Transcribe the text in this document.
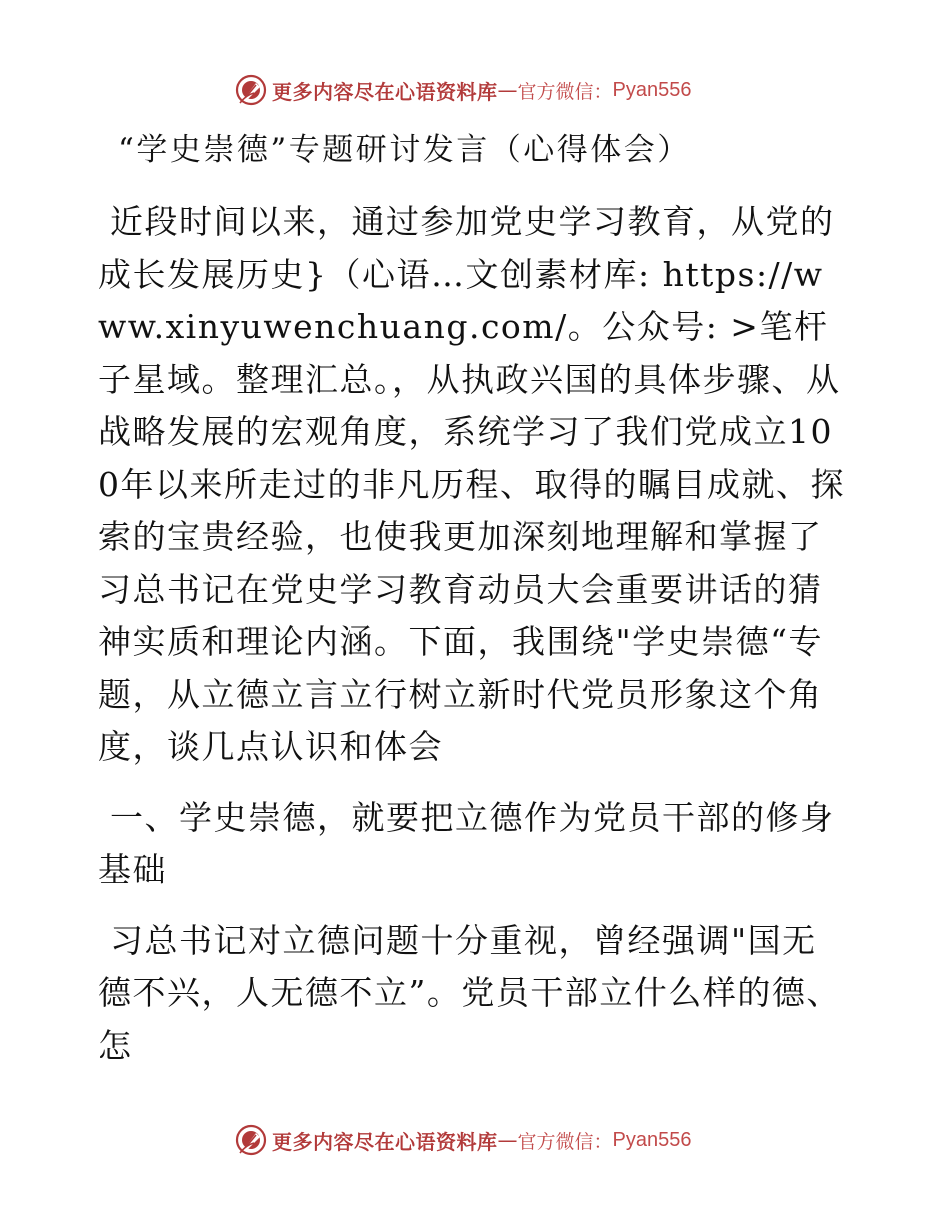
更多内容尽在心语资料库 — 官方微信： Pyan556
“学史崇德”专题研讨发言（心得体会）

近段时间以来，通过参加党史学习教育，从党的成长发展历史}（心语…文创素材库: https://www.xinyuwenchuang.com/。公众号: >笔杆子星域。整理汇总。，从执政兴国的具体步骤、从战略发展的宏观角度，系统学习了我们党成立100年以来所走过的非凡历程、取得的瞩目成就、探索的宝贵经验，也使我更加深刻地理解和掌握了习总书记在党史学习教育动员大会重要讲话的猜神实质和理论内涵。下面，我围绕"学史崇德“专题，从立德立言立行树立新时代党员形象这个角度，谈几点认识和体会

一、学史崇德，就要把立德作为党员干部的修身基础

习总书记对立德问题十分重视，曾经强调"国无德不兴，人无德不立”。党员干部立什么样的德、怎

更多内容尽在心语资料库 — 官方微信： Pyan556
